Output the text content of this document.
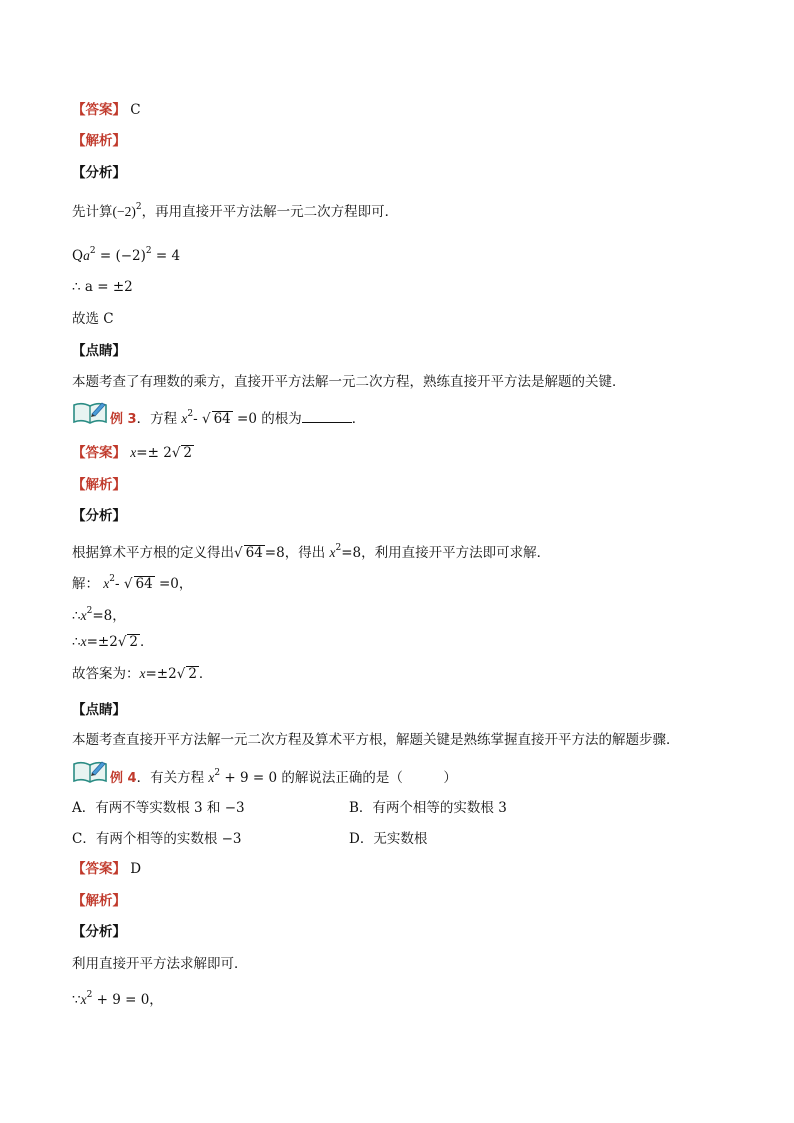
【答案】 C
【解析】
【分析】
先计算$(-2)^2$，再用直接开平方法解一元二次方程即可．
$Qa^2 = (-2)^2 = 4$
∴ a = ±2
故选 C
【点睛】
本题考查了有理数的乘方，直接开平方法解一元二次方程，熟练直接开平方法是解题的关键．
例 3．方程 $x^2-$ √ 64 =0 的根为	．
【答案】 x=± 2√ 2
【解析】
【分析】
根据算术平方根的定义得出√ 64 =8，得出 $x^2=8$，利用直接开平方法即可求解．
解： $x^2-$ √ 64 =0，
$\therefore x^2=8$，
∴x=±2√ 2 ．
故答案为：x=±2√ 2 ．
【点睛】
本题考查直接开平方法解一元二次方程及算术平方根，解题关键是熟练掌握直接开平方法的解题步骤．
例 4．有关方程 $x^2 + 9 = 0$ 的解说法正确的是（　　　）
A．有两不等实数根 3 和 −3	B．有两个相等的实数根 3
C．有两个相等的实数根 −3	D．无实数根
【答案】 D
【解析】
【分析】
利用直接开平方法求解即可．
$\because x^2 + 9 = 0$，
